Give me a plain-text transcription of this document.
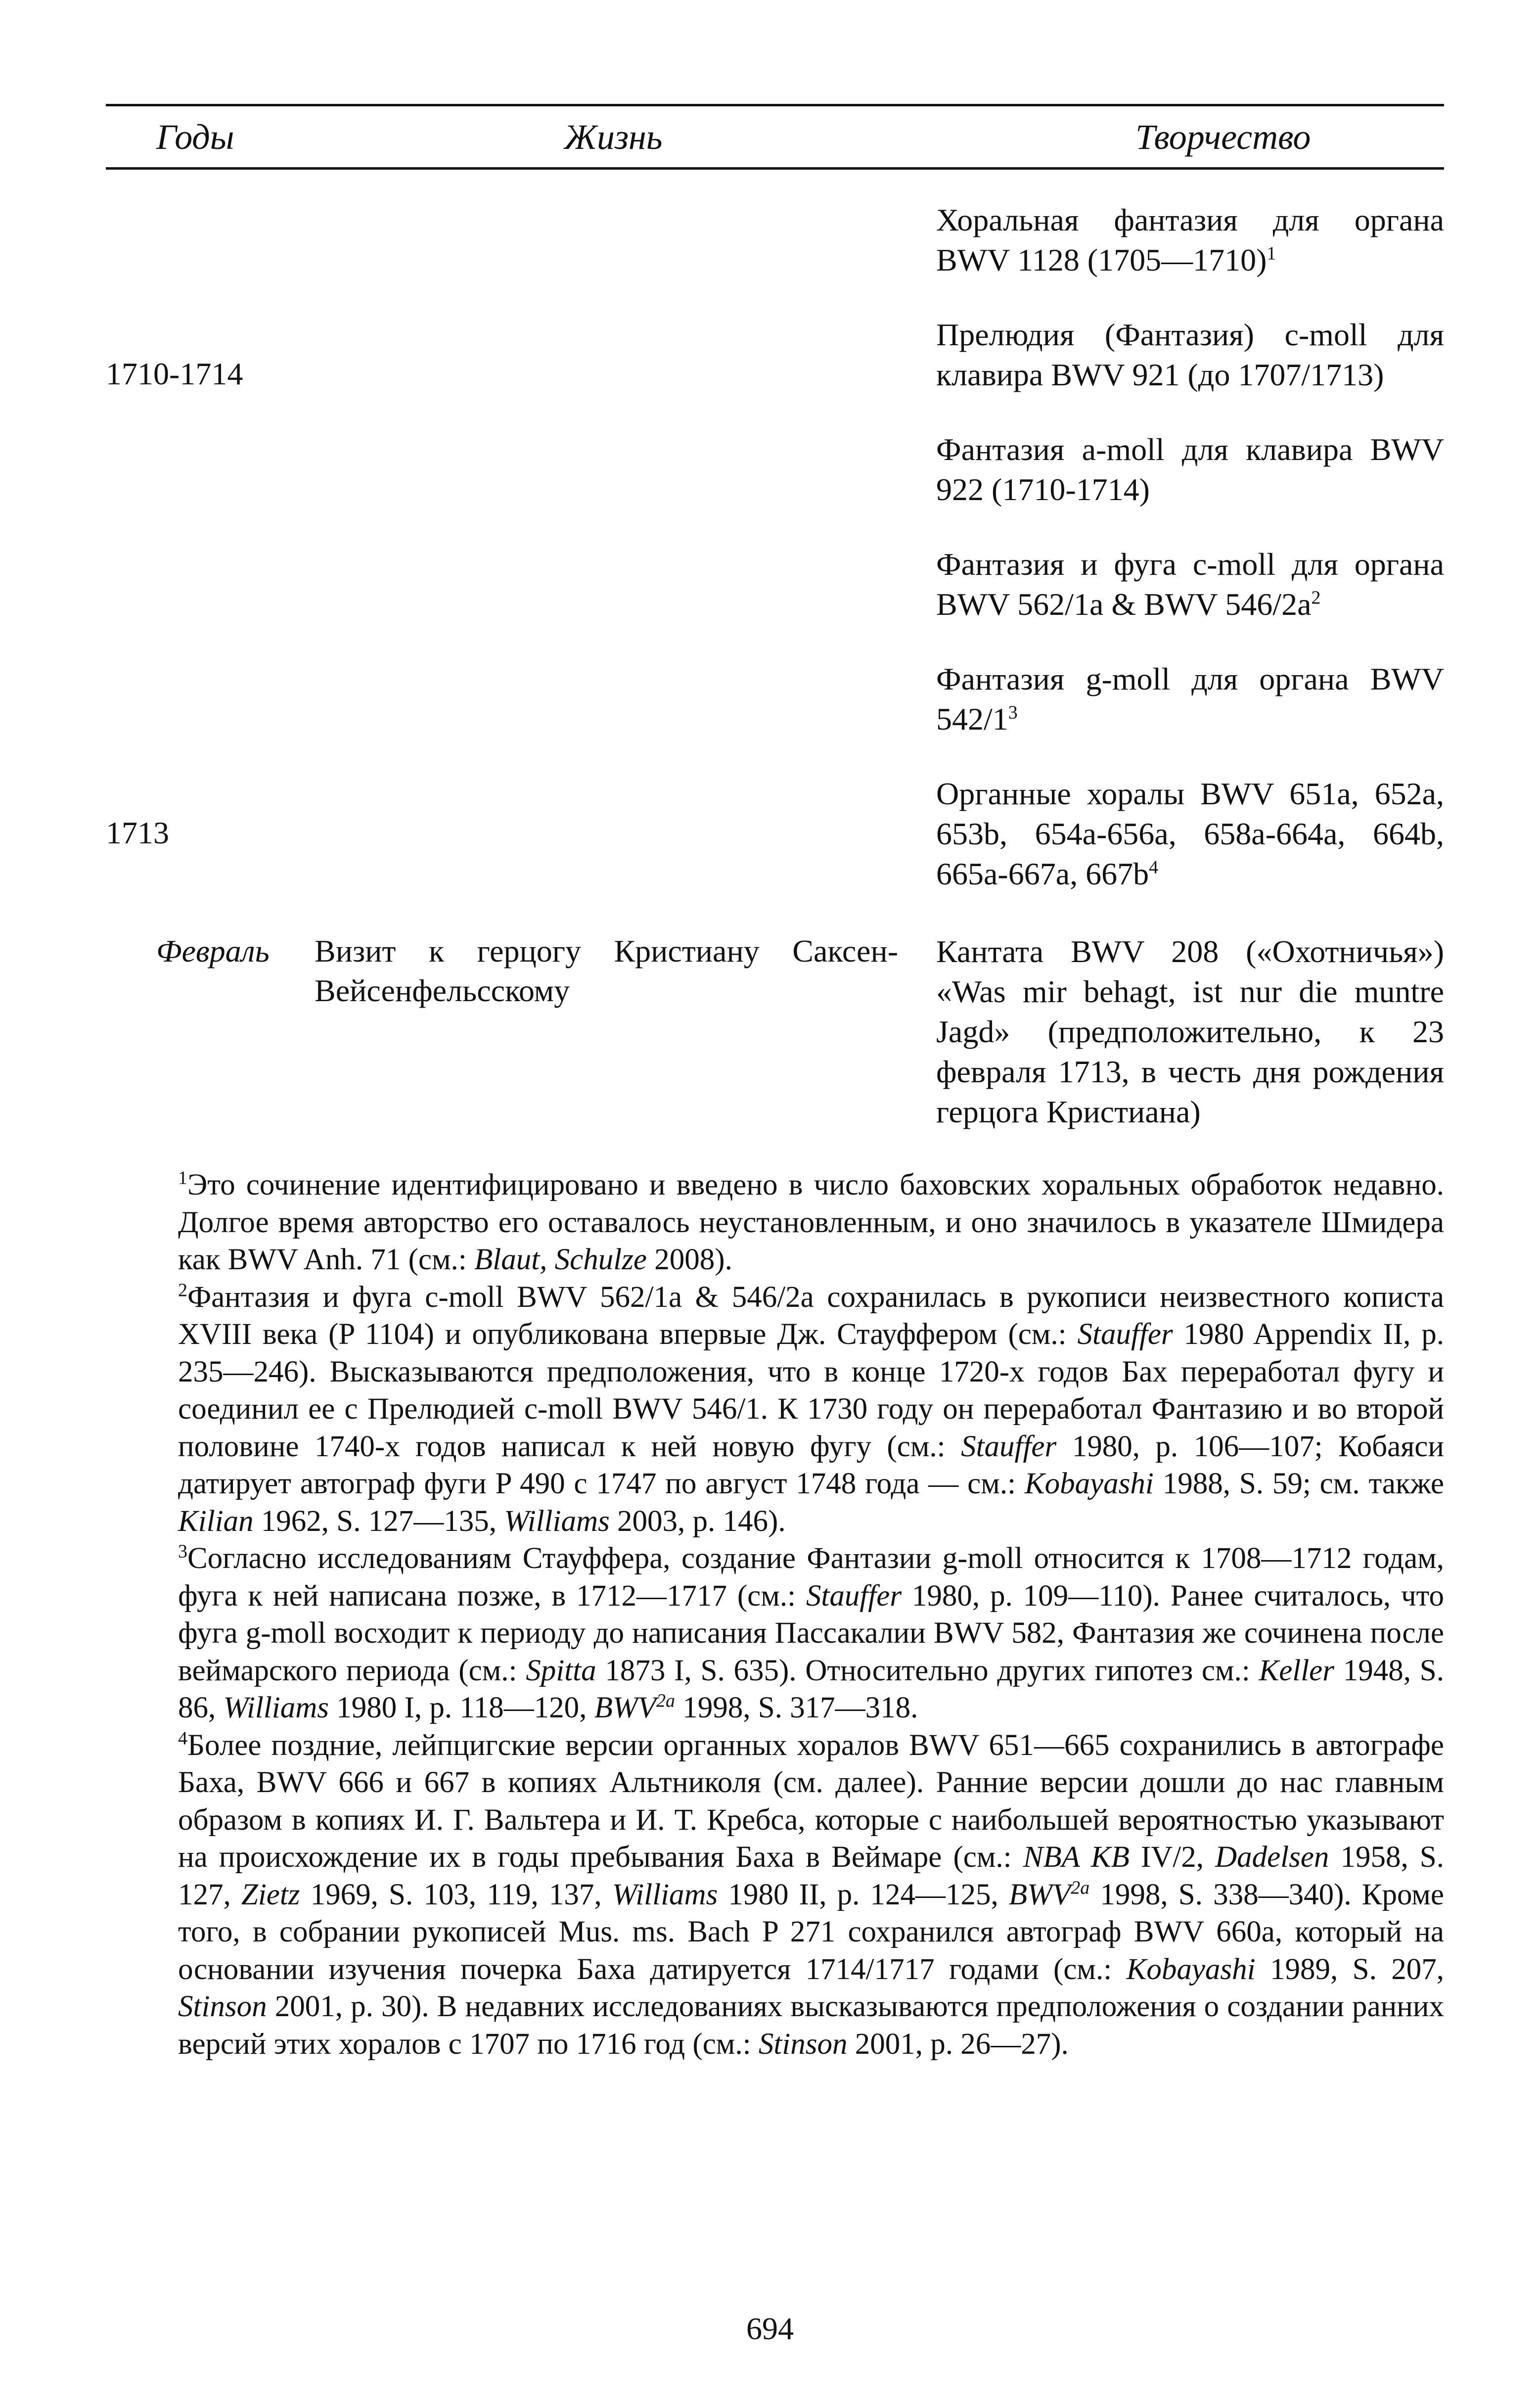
Годы	Жизнь	Творчество
1710-1714
1713
Февраль Визит к герцогу Кристиану Саксен-Вейсенфельсскому
Хоральная фантазия для органа BWV 1128 (1705—1710)$^1$
Прелюдия (Фантазия) c-moll для клавира BWV 921 (до 1707/1713)
Фантазия a-moll для клавира BWV 922 (1710-1714)
Фантазия и фуга c-moll для органа BWV 562/1a & BWV $546/2a^2$
Фантазия g-moll для органа BWV $542/1^3$
Органные хоралы BWV 651a, 652a, 653b, 654a-656a, 658a-664a, 664b, 665a-667a, $667b^4$
Кантата BWV 208 («Охотничья») «Was mir behagt, ist nur die muntre Jagd» (предположительно, к 23 февраля 1713, в честь дня рождения герцога Кристиана)
$^1$Это сочинение идентифицировано и введено в число баховских хоральных обработок недавно. Долгое время авторство его оставалось неустановленным, и оно значилось в указателе Шмидера как BWV Anh. 71 (см.: Blaut, Schulze 2008).
$^2$Фантазия и фуга c-moll BWV 562/1a & 546/2a сохранилась в рукописи неизвестного кописта XVIII века (P 1104) и опубликована впервые Дж. Стауффером (см.: Stauffer 1980 Appendix II, p. 235—246). Высказываются предположения, что в конце 1720-х годов Бах переработал фугу и соединил ее с Прелюдией c-moll BWV 546/1. К 1730 году он переработал Фантазию и во второй половине 1740-х годов написал к ней новую фугу (см.: Stauffer 1980, p. 106—107; Кобаяси датирует автограф фуги P 490 с 1747 по август 1748 года — см.: Kobayashi 1988, S. 59; см. также Kilian 1962, S. 127—135, Williams 2003, p. 146).
$^3$Согласно исследованиям Стауффера, создание Фантазии g-moll относится к 1708—1712 годам, фуга к ней написана позже, в 1712—1717 (см.: Stauffer 1980, p. 109—110). Ранее считалось, что фуга g-moll восходит к периоду до написания Пассакалии BWV 582, Фантазия же сочинена после веймарского периода (см.: Spitta 1873 I, S. 635). Относительно других гипотез см.: Keller 1948, S. 86, Williams 1980 I, p. 118—120, $BWV^{2a}$ 1998, S. 317—318.
$^4$Более поздние, лейпцигские версии органных хоралов BWV 651—665 сохранились в автографе Баха, BWV 666 и 667 в копиях Альтниколя (см. далее). Ранние версии дошли до нас главным образом в копиях И. Г. Вальтера и И. Т. Кребса, которые с наибольшей вероятностью указывают на происхождение их в годы пребывания Баха в Веймаре (см.: NBA KB IV/2, Dadelsen 1958, S. 127, Zietz 1969, S. 103, 119, 137, Williams 1980 II, p. 124—125, $BWV^{2a}$ 1998, S. 338—340). Кроме того, в собрании рукописей Mus. ms. Bach P 271 сохранился автограф BWV 660a, который на основании изучения почерка Баха датируется 1714/1717 годами (см.: Kobayashi 1989, S. 207, Stinson 2001, p. 30). В недавних исследованиях высказываются предположения о создании ранних версий этих хоралов с 1707 по 1716 год (см.: Stinson 2001, p. 26—27).
694
